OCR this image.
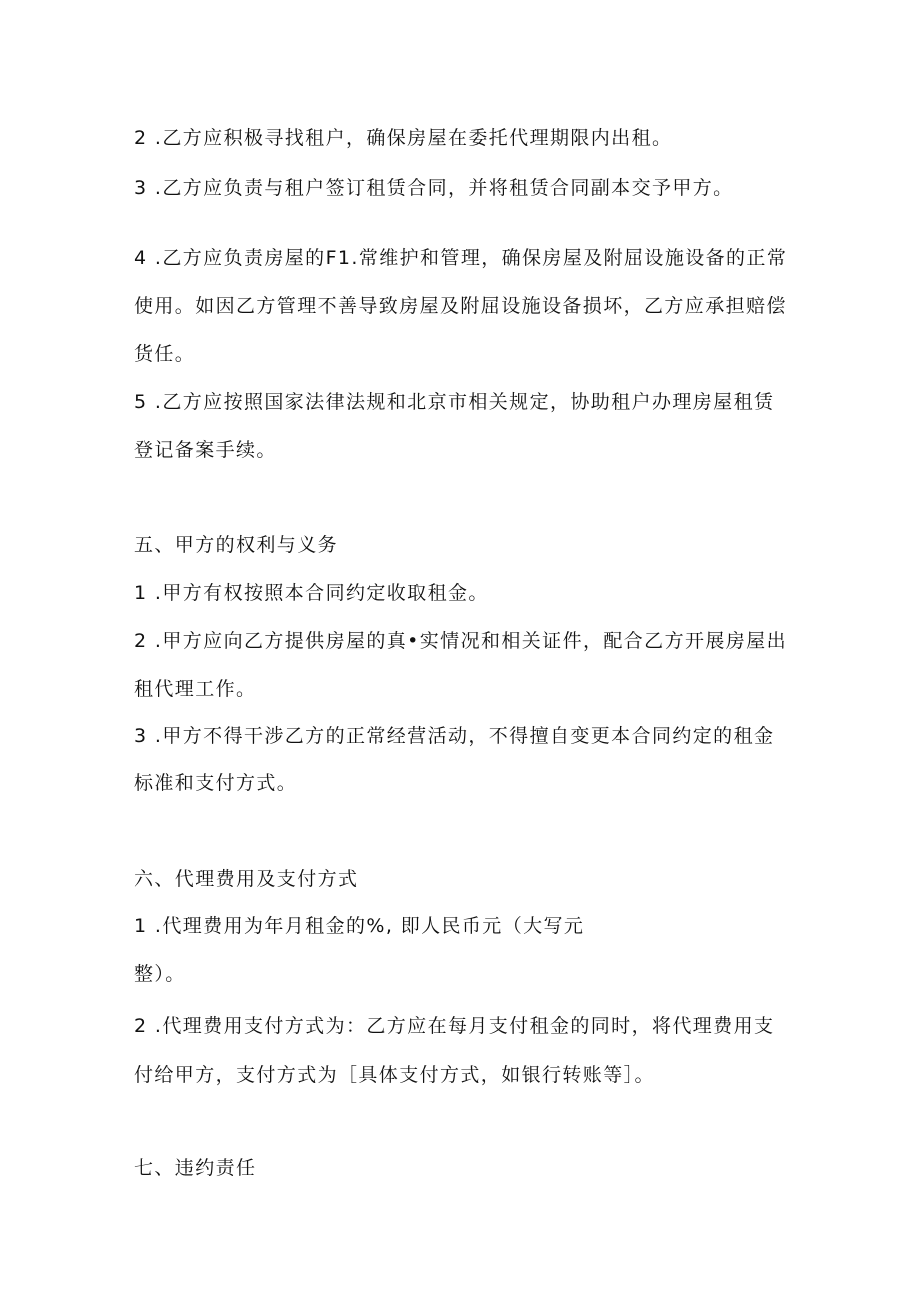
2 .乙方应积极寻找租户，确保房屋在委托代理期限内出租。
3 .乙方应负责与租户签订租赁合同，并将租赁合同副本交予甲方。
4 .乙方应负责房屋的F1.常维护和管理，确保房屋及附屈设施设备的正常
使用。如因乙方管理不善导致房屋及附屈设施设备损坏，乙方应承担赔偿
货任。
5 .乙方应按照国家法律法规和北京市相关规定，协助租户办理房屋租赁
登记备案手续。
五、甲方的权利与义务
1 .甲方有权按照本合同约定收取租金。
2 .甲方应向乙方提供房屋的真•实情况和相关证件，配合乙方开展房屋出
租代理工作。
3 .甲方不得干涉乙方的正常经营活动，不得擅自变更本合同约定的租金
标准和支付方式。
六、代理费用及支付方式
1 .代理费用为年月租金的%, 即人民币元（大写元
整）。
2 .代理费用支付方式为：乙方应在每月支付租金的同时，将代理费用支
付给甲方，支付方式为［具体支付方式，如银行转账等］。
七、违约责任
